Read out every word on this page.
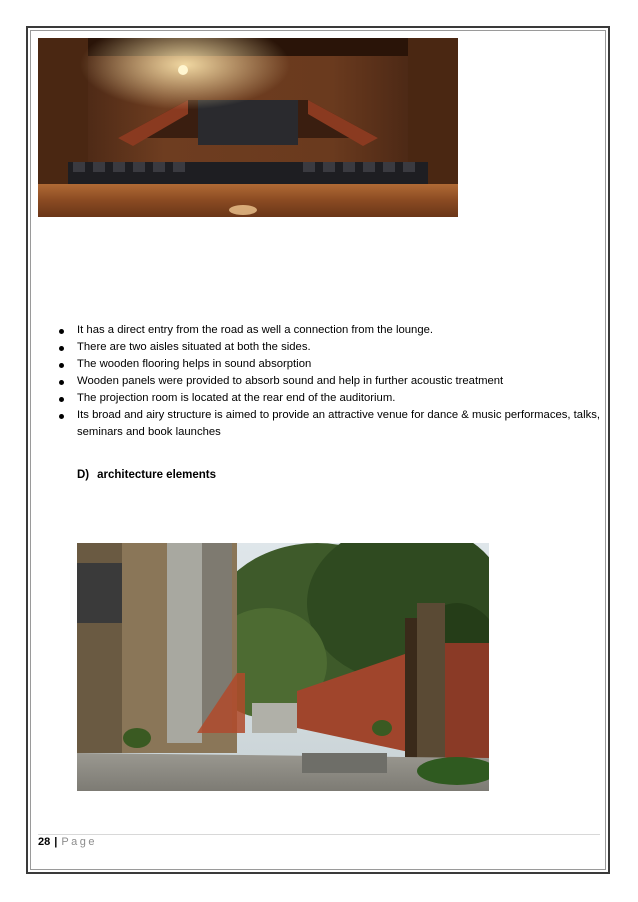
It has a direct entry from the road as well a connection from the lounge.
There are two aisles situated at both the sides.
The wooden flooring helps in sound absorption
Wooden panels were provided to absorb sound and help in further acoustic treatment
The projection room is located at the rear end of the auditorium.
Its broad and airy structure is aimed to provide an attractive venue for dance & music performaces, talks, seminars and book launches
D) architecture elements
28 | Page
